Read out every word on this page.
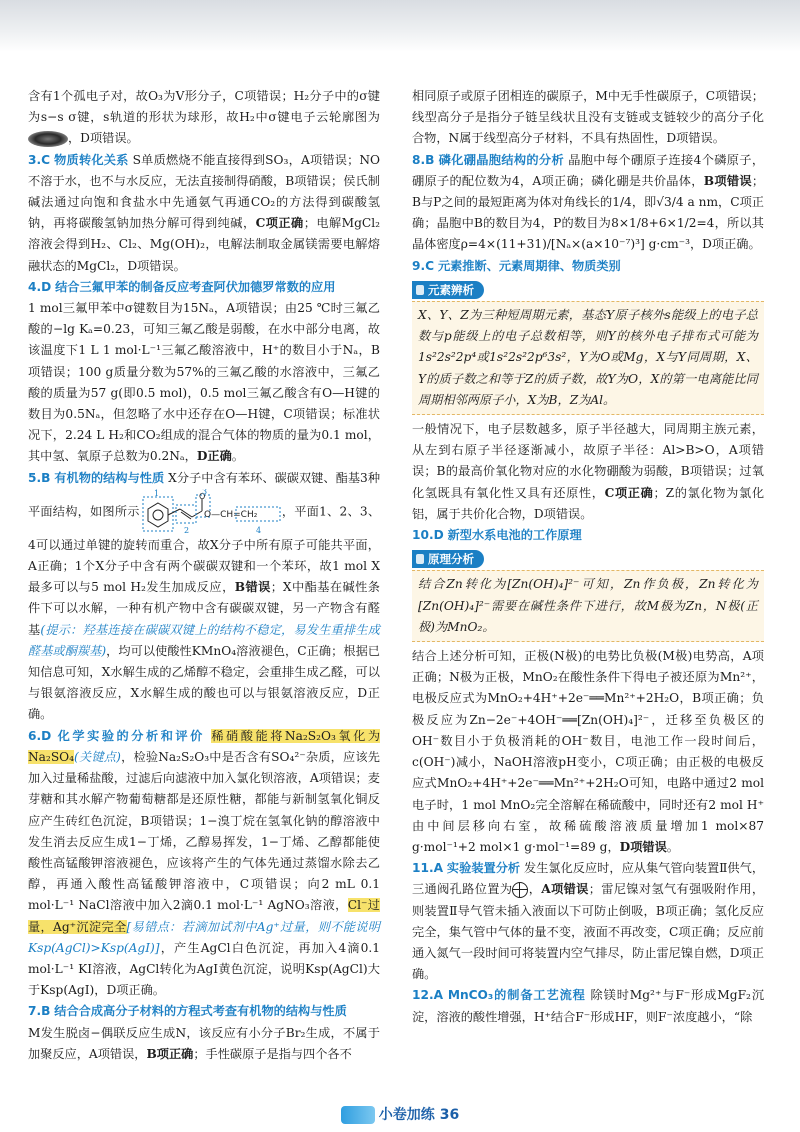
含有1个孤电子对，故O₃为V形分子，C项错误；H₂分子中的σ键为s−s σ键，s轨道的形状为球形，故H₂中σ键电子云轮廓图为，D项错误。

3.C 物质转化关系 S单质燃烧不能直接得到SO₃，A项错误；NO不溶于水，也不与水反应，无法直接制得硝酸，B项错误；侯氏制碱法通过向饱和食盐水中先通氨气再通CO₂的方法得到碳酸氢钠，再将碳酸氢钠加热分解可得到纯碱，C项正确；电解MgCl₂溶液会得到H₂、Cl₂、Mg(OH)₂，电解法制取金属镁需要电解熔融状态的MgCl₂，D项错误。

4.D 结合三氟甲苯的制备反应考查阿伏加德罗常数的应用
1 mol三氟甲苯中σ键数目为15Nₐ，A项错误；由25 ℃时三氟乙酸的−lg Kₐ=0.23，可知三氟乙酸是弱酸，在水中部分电离，故该温度下1 L 1 mol·L⁻¹三氟乙酸溶液中，H⁺的数目小于Nₐ，B项错误；100 g质量分数为57%的三氟乙酸的水溶液中，三氟乙酸的质量为57 g(即0.5 mol)，0.5 mol三氟乙酸含有O—H键的数目为0.5Nₐ，但忽略了水中还存在O—H键，C项错误；标准状况下，2.24 L H₂和CO₂组成的混合气体的物质的量为0.1 mol，其中氢、氧原子总数为0.2Nₐ，D正确。

5.B 有机物的结构与性质 X分子中含有苯环、碳碳双键、酯基3种平面结构，如图所示
O
O—CH=CH₂
1
2
3
4
，平面1、2、3、4可以通过单键的旋转而重合，故X分子中所有原子可能共平面，A正确；1个X分子中含有两个碳碳双键和一个苯环，故1 mol X最多可以与5 mol H₂发生加成反应，B错误；X中酯基在碱性条件下可以水解，一种有机产物中含有碳碳双键，另一产物含有醛基(提示：羟基连接在碳碳双键上的结构不稳定，易发生重排生成醛基或酮羰基)，均可以使酸性KMnO₄溶液褪色，C正确；根据已知信息可知，X水解生成的乙烯醇不稳定，会重排生成乙醛，可以与银氨溶液反应，X水解生成的酸也可以与银氨溶液反应，D正确。

6.D 化学实验的分析和评价 稀硝酸能将Na₂S₂O₃氧化为Na₂SO₄(关键点)，检验Na₂S₂O₃中是否含有SO₄²⁻杂质，应该先加入过量稀盐酸，过滤后向滤液中加入氯化钡溶液，A项错误；麦芽糖和其水解产物葡萄糖都是还原性糖，都能与新制氢氧化铜反应产生砖红色沉淀，B项错误；1−溴丁烷在氢氧化钠的醇溶液中发生消去反应生成1−丁烯，乙醇易挥发，1−丁烯、乙醇都能使酸性高锰酸钾溶液褪色，应该将产生的气体先通过蒸馏水除去乙醇，再通入酸性高锰酸钾溶液中，C项错误；向2 mL 0.1 mol·L⁻¹ NaCl溶液中加入2滴0.1 mol·L⁻¹ AgNO₃溶液，Cl⁻过量，Ag⁺沉淀完全[易错点：若滴加试剂中Ag⁺过量，则不能说明Ksp(AgCl)>Ksp(AgI)]，产生AgCl白色沉淀，再加入4滴0.1 mol·L⁻¹ KI溶液，AgCl转化为AgI黄色沉淀，说明Ksp(AgCl)大于Ksp(AgI)，D项正确。

7.B 结合合成高分子材料的方程式考查有机物的结构与性质
M发生脱卤−偶联反应生成N，该反应有小分子Br₂生成，不属于加聚反应，A项错误，B项正确；手性碳原子是指与四个各不

相同原子或原子团相连的碳原子，M中无手性碳原子，C项错误；线型高分子是指分子链呈线状且没有支链或支链较少的高分子化合物，N属于线型高分子材料，不具有热固性，D项错误。

8.B 磷化硼晶胞结构的分析 晶胞中每个硼原子连接4个磷原子，硼原子的配位数为4，A项正确；磷化硼是共价晶体，B项错误；B与P之间的最短距离为体对角线长的1/4，即√3/4 a nm，C项正确；晶胞中B的数目为4，P的数目为8×1/8+6×1/2=4，所以其晶体密度ρ=4×(11+31)/[Nₐ×(a×10⁻⁷)³] g·cm⁻³，D项正确。

9.C 元素推断、元素周期律、物质类别

元素辨析
X、Y、Z为三种短周期元素，基态Y原子核外s能级上的电子总数与p能级上的电子总数相等，则Y的核外电子排布式可能为1s²2s²2p⁴或1s²2s²2p⁶3s²，Y为O或Mg，X与Y同周期，X、Y的质子数之和等于Z的质子数，故Y为O，X的第一电离能比同周期相邻两原子小，X为B，Z为Al。

一般情况下，电子层数越多，原子半径越大，同周期主族元素，从左到右原子半径逐渐减小，故原子半径：Al>B>O，A项错误；B的最高价氧化物对应的水化物硼酸为弱酸，B项错误；过氧化氢既具有氧化性又具有还原性，C项正确；Z的氯化物为氯化铝，属于共价化合物，D项错误。

10.D 新型水系电池的工作原理

原理分析
结合Zn转化为[Zn(OH)₄]²⁻可知，Zn作负极，Zn转化为[Zn(OH)₄]²⁻需要在碱性条件下进行，故M极为Zn，N极(正极)为MnO₂。

结合上述分析可知，正极(N极)的电势比负极(M极)电势高，A项正确；N极为正极，MnO₂在酸性条件下得电子被还原为Mn²⁺，电极反应式为MnO₂+4H⁺+2e⁻══Mn²⁺+2H₂O，B项正确；负极反应为Zn−2e⁻+4OH⁻══[Zn(OH)₄]²⁻，迁移至负极区的OH⁻数目小于负极消耗的OH⁻数目，电池工作一段时间后，c(OH⁻)减小，NaOH溶液pH变小，C项正确；由正极的电极反应式MnO₂+4H⁺+2e⁻══Mn²⁺+2H₂O可知，电路中通过2 mol电子时，1 mol MnO₂完全溶解在稀硫酸中，同时还有2 mol H⁺由中间层移向右室，故稀硫酸溶液质量增加1 mol×87 g·mol⁻¹+2 mol×1 g·mol⁻¹=89 g，D项错误。

11.A 实验装置分析 发生氯化反应时，应从集气管向装置Ⅱ供气，三通阀孔路位置为 ，A项错误；雷尼镍对氢气有强吸附作用，则装置Ⅱ导气管未插入液面以下可防止倒吸，B项正确；氢化反应完全，集气管中气体的量不变，液面不再改变，C项正确；反应前通入氮气一段时间可将装置内空气排尽，防止雷尼镍自燃，D项正确。

12.A MnCO₃的制备工艺流程 除镁时Mg²⁺与F⁻形成MgF₂沉淀，溶液的酸性增强，H⁺结合F⁻形成HF，则F⁻浓度越小，“除

小卷加练 36
